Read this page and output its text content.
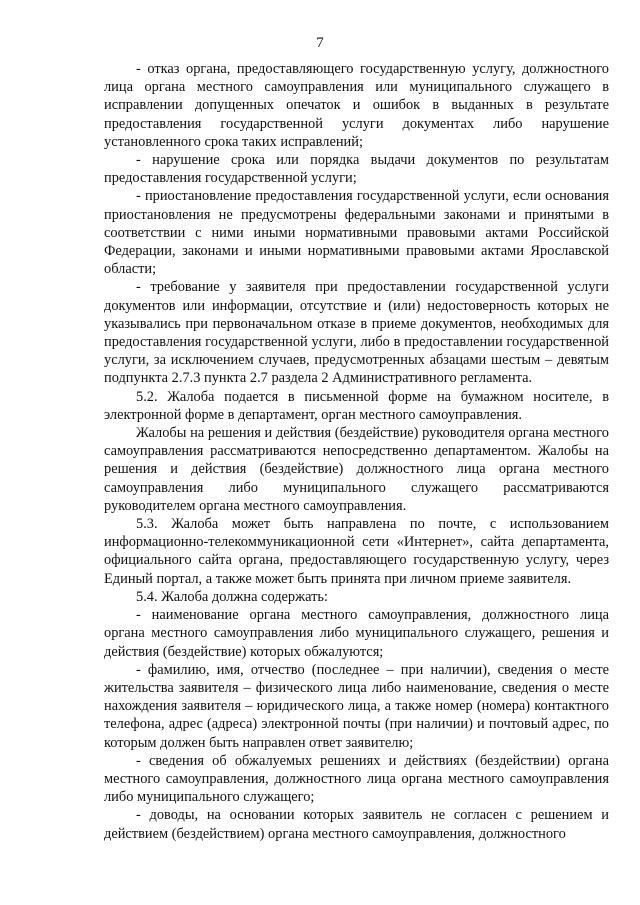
7

- отказ органа, предоставляющего государственную услугу, должностного лица органа местного самоуправления или муниципального служащего в исправлении допущенных опечаток и ошибок в выданных в результате предоставления государственной услуги документах либо нарушение установленного срока таких исправлений;

- нарушение срока или порядка выдачи документов по результатам предоставления государственной услуги;

- приостановление предоставления государственной услуги, если основания приостановления не предусмотрены федеральными законами и принятыми в соответствии с ними иными нормативными правовыми актами Российской Федерации, законами и иными нормативными правовыми актами Ярославской области;

- требование у заявителя при предоставлении государственной услуги документов или информации, отсутствие и (или) недостоверность которых не указывались при первоначальном отказе в приеме документов, необходимых для предоставления государственной услуги, либо в предоставлении государственной услуги, за исключением случаев, предусмотренных абзацами шестым – девятым подпункта 2.7.3 пункта 2.7 раздела 2 Административного регламента.

5.2. Жалоба подается в письменной форме на бумажном носителе, в электронной форме в департамент, орган местного самоуправления.

Жалобы на решения и действия (бездействие) руководителя органа местного самоуправления рассматриваются непосредственно департаментом. Жалобы на решения и действия (бездействие) должностного лица органа местного самоуправления либо муниципального служащего рассматриваются руководителем органа местного самоуправления.

5.3. Жалоба может быть направлена по почте, с использованием информационно-телекоммуникационной сети «Интернет», сайта департамента, официального сайта органа, предоставляющего государственную услугу, через Единый портал, а также может быть принята при личном приеме заявителя.

5.4. Жалоба должна содержать:

- наименование органа местного самоуправления, должностного лица органа местного самоуправления либо муниципального служащего, решения и действия (бездействие) которых обжалуются;

- фамилию, имя, отчество (последнее – при наличии), сведения о месте жительства заявителя – физического лица либо наименование, сведения о месте нахождения заявителя – юридического лица, а также номер (номера) контактного телефона, адрес (адреса) электронной почты (при наличии) и почтовый адрес, по которым должен быть направлен ответ заявителю;

- сведения об обжалуемых решениях и действиях (бездействии) органа местного самоуправления, должностного лица органа местного самоуправления либо муниципального служащего;

- доводы, на основании которых заявитель не согласен с решением и действием (бездействием) органа местного самоуправления, должностного
